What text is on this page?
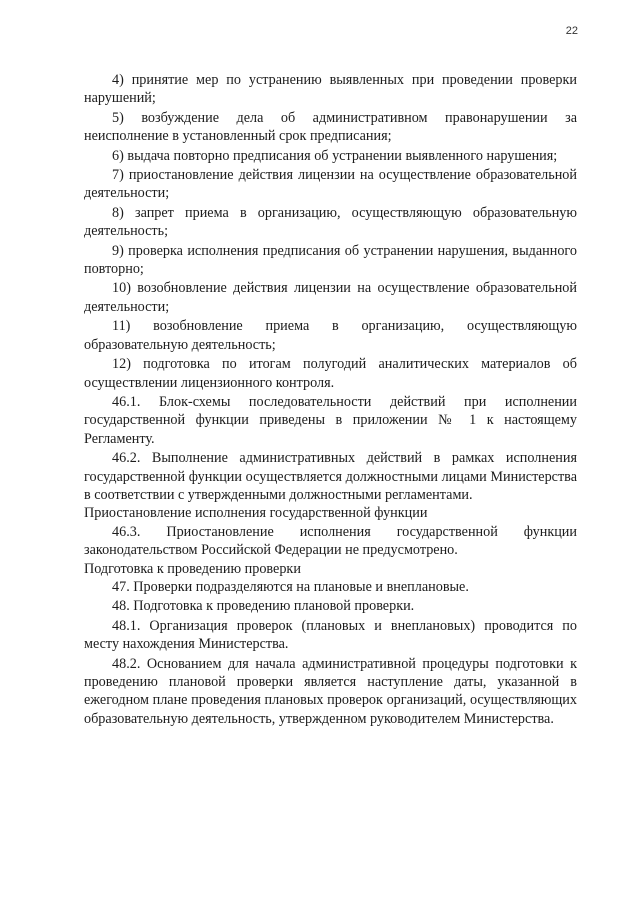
22

4) принятие мер по устранению выявленных при проведении проверки нарушений;

5) возбуждение дела об административном правонарушении за неисполнение в установленный срок предписания;

6) выдача повторно предписания об устранении выявленного нарушения;

7) приостановление действия лицензии на осуществление образовательной деятельности;

8) запрет приема в организацию, осуществляющую образовательную деятельность;

9) проверка исполнения предписания об устранении нарушения, выданного повторно;

10) возобновление действия лицензии на осуществление образовательной деятельности;

11) возобновление приема в организацию, осуществляющую образовательную деятельность;

12) подготовка по итогам полугодий аналитических материалов об осуществлении лицензионного контроля.

46.1. Блок-схемы последовательности действий при исполнении государственной функции приведены в приложении № 1 к настоящему Регламенту.

46.2. Выполнение административных действий в рамках исполнения государственной функции осуществляется должностными лицами Министерства в соответствии с утвержденными должностными регламентами.

Приостановление исполнения государственной функции

46.3. Приостановление исполнения государственной функции законодательством Российской Федерации не предусмотрено.

Подготовка к проведению проверки

47. Проверки подразделяются на плановые и внеплановые.

48. Подготовка к проведению плановой проверки.

48.1. Организация проверок (плановых и внеплановых) проводится по месту нахождения Министерства.

48.2. Основанием для начала административной процедуры подготовки к проведению плановой проверки является наступление даты, указанной в ежегодном плане проведения плановых проверок организаций, осуществляющих образовательную деятельность, утвержденном руководителем Министерства.
